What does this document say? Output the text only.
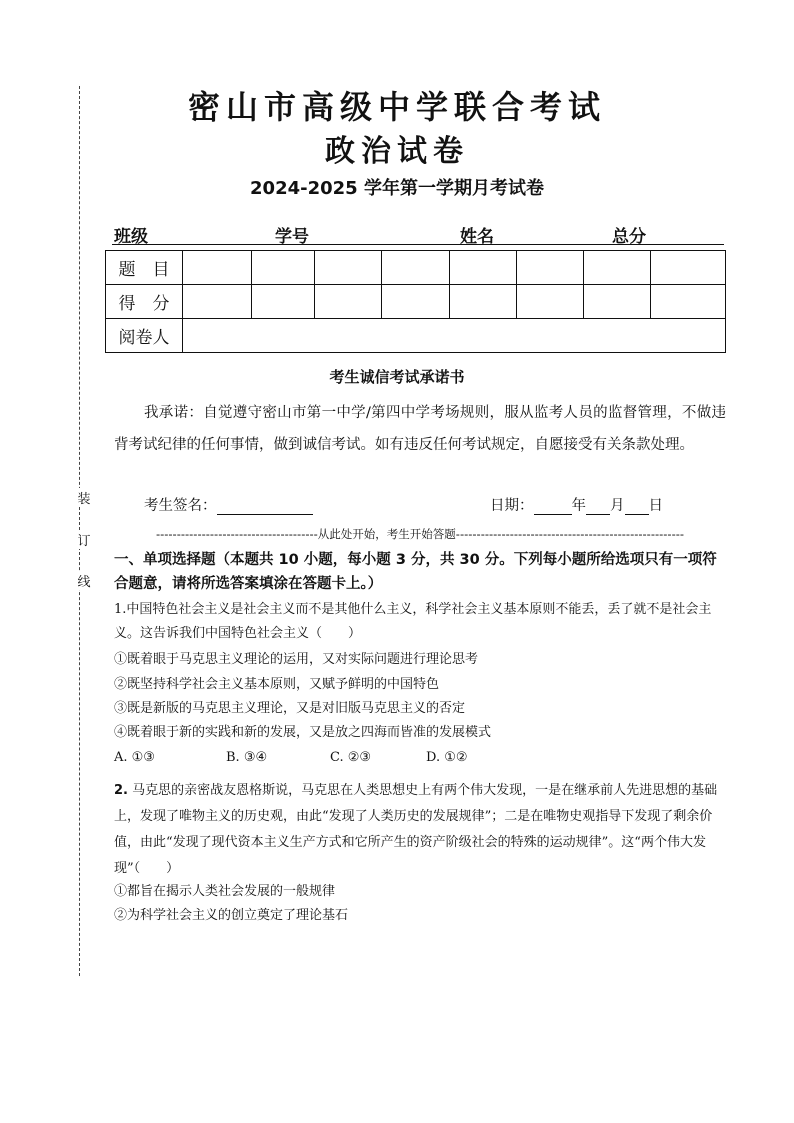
装
订
线
密山市高级中学联合考试
政治试卷
2024-2025 学年第一学期月考试卷
班级	学号	姓名	总分
题　目								
得　分								
阅卷人								
考生诚信考试承诺书
我承诺：自觉遵守密山市第一中学/第四中学考场规则，服从监考人员的监督管理，不做违背考试纪律的任何事情，做到诚信考试。如有违反任何考试规定，自愿接受有关条款处理。
考生签名：	日期：	年 月 日
---------------------------------------从此处开始，考生开始答题-------------------------------------------------------
一、单项选择题（本题共 10 小题，每小题 3 分，共 30 分。下列每小题所给选项只有一项符合题意，请将所选答案填涂在答题卡上。）
1.中国特色社会主义是社会主义而不是其他什么主义，科学社会主义基本原则不能丢，丢了就不是社会主义。这告诉我们中国特色社会主义（　　）
①既着眼于马克思主义理论的运用，又对实际问题进行理论思考
②既坚持科学社会主义基本原则，又赋予鲜明的中国特色
③既是新版的马克思主义理论，又是对旧版马克思主义的否定
④既着眼于新的实践和新的发展，又是放之四海而皆准的发展模式
A. ①③	B. ③④	C. ②③	D. ①②
2. 马克思的亲密战友恩格斯说，马克思在人类思想史上有两个伟大发现，一是在继承前人先进思想的基础上，发现了唯物主义的历史观，由此“发现了人类历史的发展规律”；二是在唯物史观指导下发现了剩余价值，由此“发现了现代资本主义生产方式和它所产生的资产阶级社会的特殊的运动规律”。这“两个伟大发现”（　　）
①都旨在揭示人类社会发展的一般规律
②为科学社会主义的创立奠定了理论基石
